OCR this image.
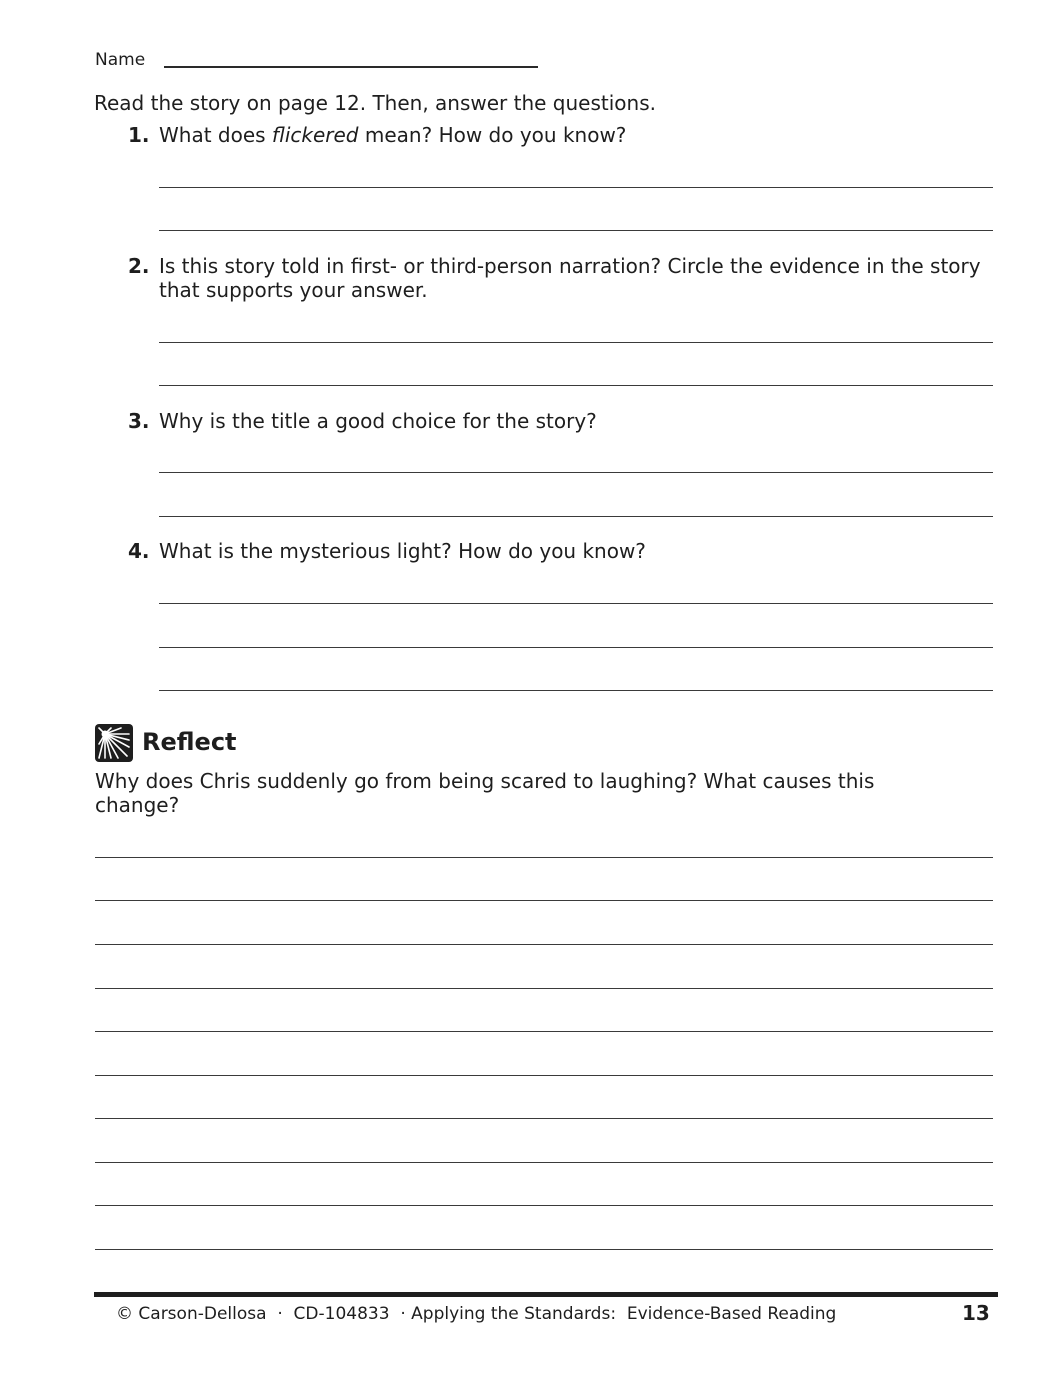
Name
Read the story on page 12. Then, answer the questions.
1. What does flickered mean? How do you know?
2. Is this story told in first- or third-person narration? Circle the evidence in the story that supports your answer.
3. Why is the title a good choice for the story?
4. What is the mysterious light? How do you know?
Reflect
Why does Chris suddenly go from being scared to laughing? What causes this change?
© Carson-Dellosa  ·  CD-104833  · Applying the Standards:  Evidence-Based Reading	13
